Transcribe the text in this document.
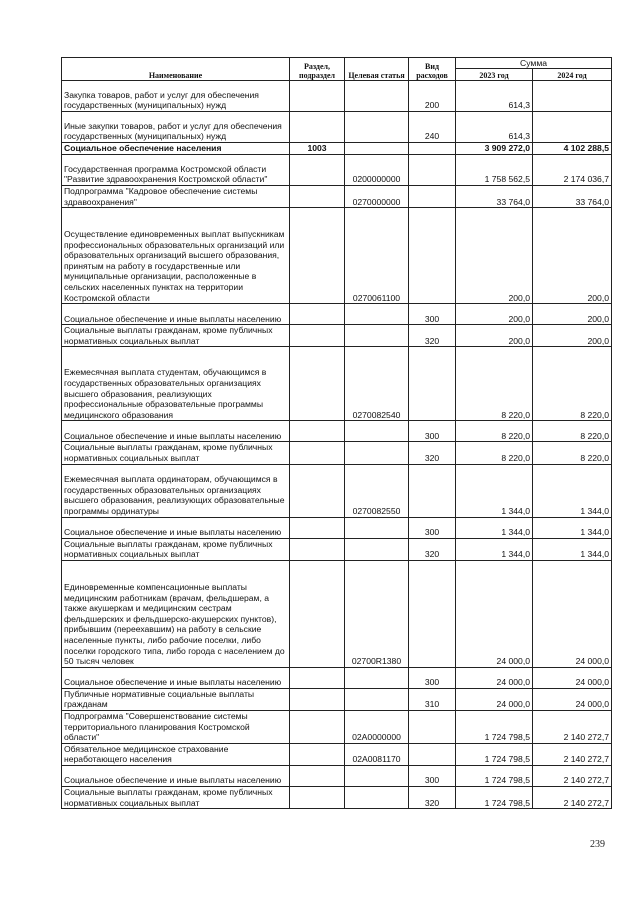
Наименование	Раздел, подраздел	Целевая статья	Вид расходов	Сумма	
				2023 год	2024 год
Закупка товаров, работ и услуг для обеспечения государственных (муниципальных) нужд			200	614,3	
Иные закупки товаров, работ и услуг для обеспечения государственных (муниципальных) нужд			240	614,3	
Социальное обеспечение населения	1003			3 909 272,0	4 102 288,5
Государственная программа Костромской области "Развитие здравоохранения Костромской области"		0200000000		1 758 562,5	2 174 036,7
Подпрограмма "Кадровое обеспечение системы здравоохранения"		0270000000		33 764,0	33 764,0
Осуществление единовременных выплат выпускникам профессиональных образовательных организаций или образовательных организаций высшего образования, принятым на работу в государственные или муниципальные организации, расположенные в сельских населенных пунктах на территории Костромской области		0270061100		200,0	200,0
Социальное обеспечение и иные выплаты населению			300	200,0	200,0
Социальные выплаты гражданам, кроме публичных нормативных социальных выплат			320	200,0	200,0
Ежемесячная выплата студентам, обучающимся в государственных образовательных организациях высшего образования, реализующих профессиональные образовательные программы медицинского образования		0270082540		8 220,0	8 220,0
Социальное обеспечение и иные выплаты населению			300	8 220,0	8 220,0
Социальные выплаты гражданам, кроме публичных нормативных социальных выплат			320	8 220,0	8 220,0
Ежемесячная выплата ординаторам, обучающимся в государственных образовательных организациях высшего образования, реализующих образовательные программы ординатуры		0270082550		1 344,0	1 344,0
Социальное обеспечение и иные выплаты населению			300	1 344,0	1 344,0
Социальные выплаты гражданам, кроме публичных нормативных социальных выплат			320	1 344,0	1 344,0
Единовременные компенсационные выплаты медицинским работникам (врачам, фельдшерам, а также акушеркам и медицинским сестрам фельдшерских и фельдшерско-акушерских пунктов), прибывшим (переехавшим) на работу в сельские населенные пункты, либо рабочие поселки, либо поселки городского типа, либо города с населением до 50 тысяч человек		02700R1380		24 000,0	24 000,0
Социальное обеспечение и иные выплаты населению			300	24 000,0	24 000,0
Публичные нормативные социальные выплаты гражданам			310	24 000,0	24 000,0
Подпрограмма "Совершенствование системы территориального планирования Костромской области"		02А0000000		1 724 798,5	2 140 272,7
Обязательное медицинское страхование неработающего населения		02А0081170		1 724 798,5	2 140 272,7
Социальное обеспечение и иные выплаты населению			300	1 724 798,5	2 140 272,7
Социальные выплаты гражданам, кроме публичных нормативных социальных выплат			320	1 724 798,5	2 140 272,7
239
